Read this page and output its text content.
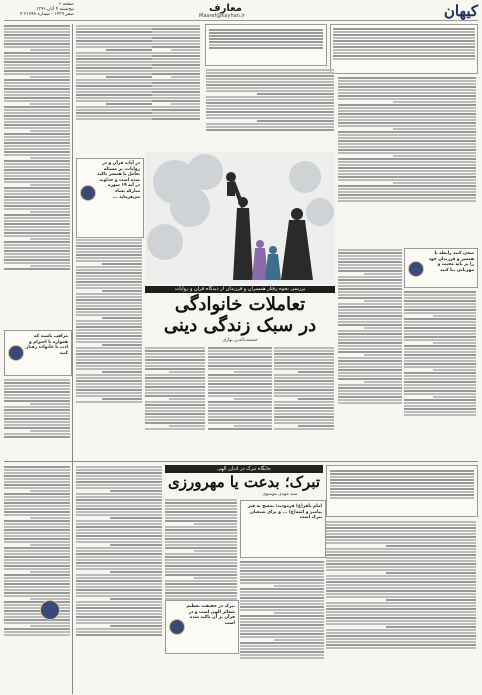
کیهان
معارف
Maaref@Kayhan.ir
صفحه ۶
پنج‌شنبه ۴ آبان ۱۳۹۶
۴ صفر ۱۴۳۹ - شماره ۲۱۷۴۸
در آیات قرآن و در روایات، بر مسئله تعامل با همسر تاکید شده است و خداوند در آیه ۱۹ سوره مبارکه نساء می‌فرماید ...
بررسی نحوه رفتار همسران و فرزندان از دیدگاه قرآن و روایات
تعاملات خانوادگی
در سبک زندگی دینی
حشمت‌الدین بهاری
سعی کنید رابطه با همسر و فرزندان خود را بر پایه محبت و مهربانی بنا کنید
مراقب باشید که همواره با احترام و ادب با خانواده رفتار کنید
جایگاه تبرک در ادیان الهی
تبرک؛ بدعت یا مهرورزی
سید مهدی موسوی
امام باقر(ع) فرمودند: تمسح به قبر پیامبر و ائمه(ع) ... و برای شیعیان تبرک است
تبرک در حقیقت تعظیم شعائر الهی است و در قرآن بر آن تاکید شده است
